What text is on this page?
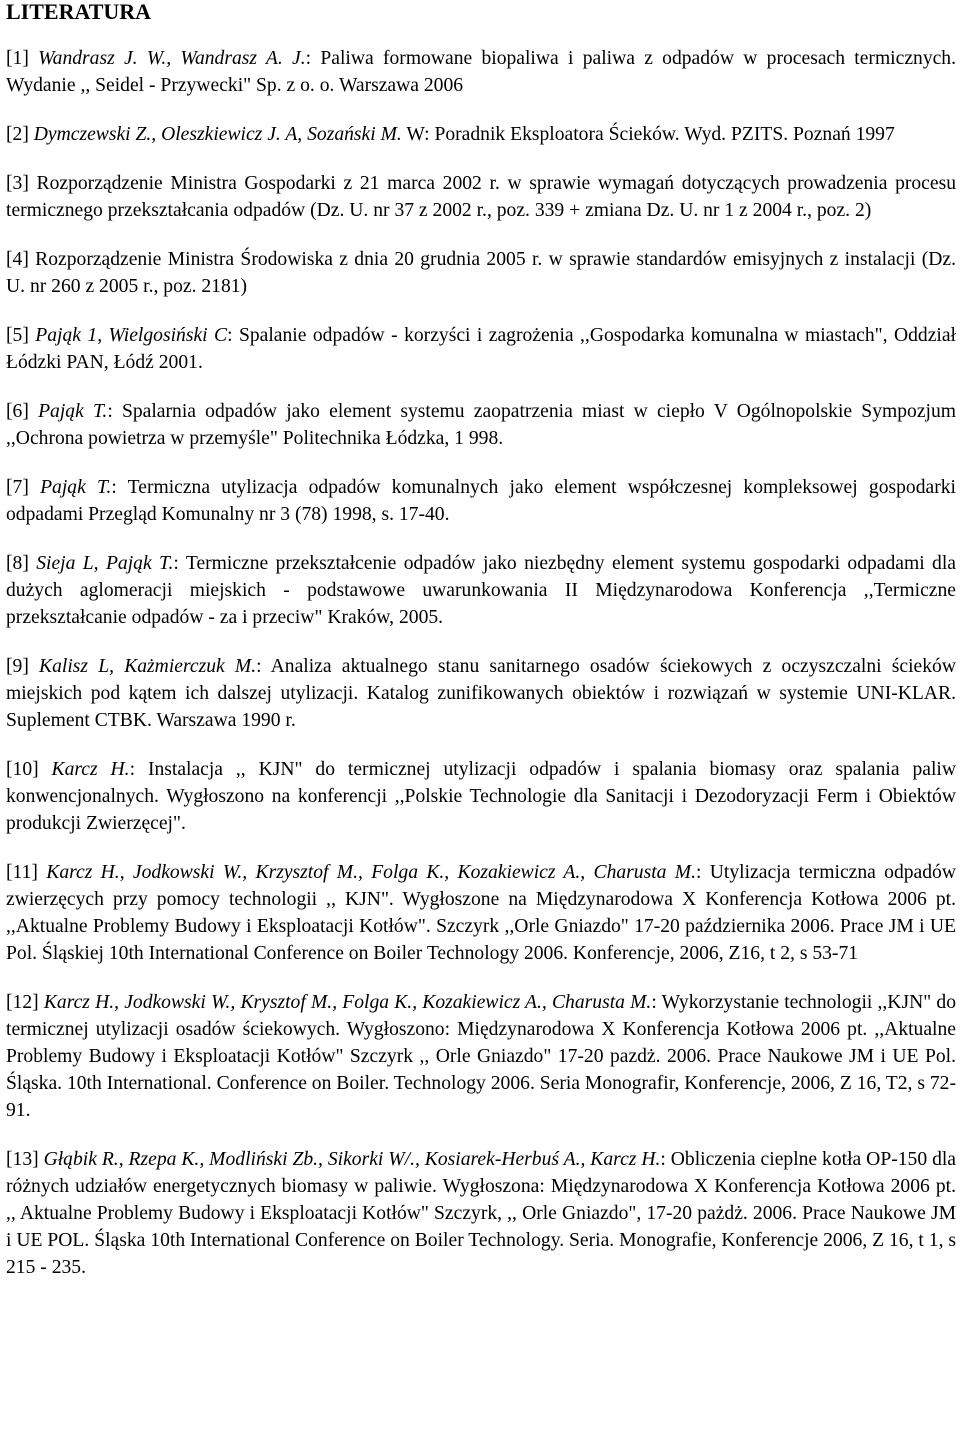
LITERATURA

[1] Wandrasz J. W., Wandrasz A. J.: Paliwa formowane biopaliwa i paliwa z odpadów w procesach termicznych. Wydanie ,, Seidel - Przywecki" Sp. z o. o. Warszawa 2006

[2] Dymczewski Z., Oleszkiewicz J. A, Sozański M. W: Poradnik Eksploatora Ścieków. Wyd. PZITS. Poznań 1997

[3] Rozporządzenie Ministra Gospodarki z 21 marca 2002 r. w sprawie wymagań dotyczących prowadzenia procesu termicznego przekształcania odpadów (Dz. U. nr 37 z 2002 r., poz. 339 + zmiana Dz. U. nr 1 z 2004 r., poz. 2)

[4] Rozporządzenie Ministra Środowiska z dnia 20 grudnia 2005 r. w sprawie standardów emisyjnych z instalacji (Dz. U. nr 260 z 2005 r., poz. 2181)

[5] Pająk 1, Wielgosiński C: Spalanie odpadów - korzyści i zagrożenia ,,Gospodarka komunalna w miastach", Oddział Łódzki PAN, Łódź 2001.

[6] Pająk T.: Spalarnia odpadów jako element systemu zaopatrzenia miast w ciepło V Ogólnopolskie Sympozjum ,,Ochrona powietrza w przemyśle" Politechnika Łódzka, 1 998.

[7] Pająk T.: Termiczna utylizacja odpadów komunalnych jako element współczesnej kompleksowej gospodarki odpadami Przegląd Komunalny nr 3 (78) 1998, s. 17-40.

[8] Sieja L, Pająk T.: Termiczne przekształcenie odpadów jako niezbędny element systemu gospodarki odpadami dla dużych aglomeracji miejskich - podstawowe uwarunkowania II Międzynarodowa Konferencja ,,Termiczne przekształcanie odpadów - za i przeciw" Kraków, 2005.

[9] Kalisz L, Każmierczuk M.: Analiza aktualnego stanu sanitarnego osadów ściekowych z oczyszczalni ścieków miejskich pod kątem ich dalszej utylizacji. Katalog zunifikowanych obiektów i rozwiązań w systemie UNI-KLAR. Suplement CTBK. Warszawa 1990 r.

[10] Karcz H.: Instalacja ,, KJN" do termicznej utylizacji odpadów i spalania biomasy oraz spalania paliw konwencjonalnych. Wygłoszono na konferencji ,,Polskie Technologie dla Sanitacji i Dezodoryzacji Ferm i Obiektów produkcji Zwierzęcej".

[11] Karcz H., Jodkowski W., Krzysztof M., Folga K., Kozakiewicz A., Charusta M.: Utylizacja termiczna odpadów zwierzęcych przy pomocy technologii ,, KJN". Wygłoszone na Międzynarodowa X Konferencja Kotłowa 2006 pt. ,,Aktualne Problemy Budowy i Eksploatacji Kotłów". Szczyrk ,,Orle Gniazdo" 17-20 października 2006. Prace JM i UE Pol. Śląskiej 10th International Conference on Boiler Technology 2006. Konferencje, 2006, Z16, t 2, s 53-71

[12] Karcz H., Jodkowski W., Krysztof M., Folga K., Kozakiewicz A., Charusta M.: Wykorzystanie technologii ,,KJN" do termicznej utylizacji osadów ściekowych. Wygłoszono: Międzynarodowa X Konferencja Kotłowa 2006 pt. ,,Aktualne Problemy Budowy i Eksploatacji Kotłów" Szczyrk ,, Orle Gniazdo" 17-20 pazdż. 2006. Prace Naukowe JM i UE Pol. Śląska. 10th International. Conference on Boiler. Technology 2006. Seria Monografir, Konferencje, 2006, Z 16, T2, s 72-91.

[13] Głąbik R., Rzepa K., Modliński Zb., Sikorki W/., Kosiarek-Herbuś A., Karcz H.: Obliczenia cieplne kotła OP-150 dla różnych udziałów energetycznych biomasy w paliwie. Wygłoszona: Międzynarodowa X Konferencja Kotłowa 2006 pt. ,, Aktualne Problemy Budowy i Eksploatacji Kotłów" Szczyrk, ,, Orle Gniazdo", 17-20 pażdż. 2006. Prace Naukowe JM i UE POL. Śląska 10th International Conference on Boiler Technology. Seria. Monografie, Konferencje 2006, Z 16, t 1, s 215 - 235.
